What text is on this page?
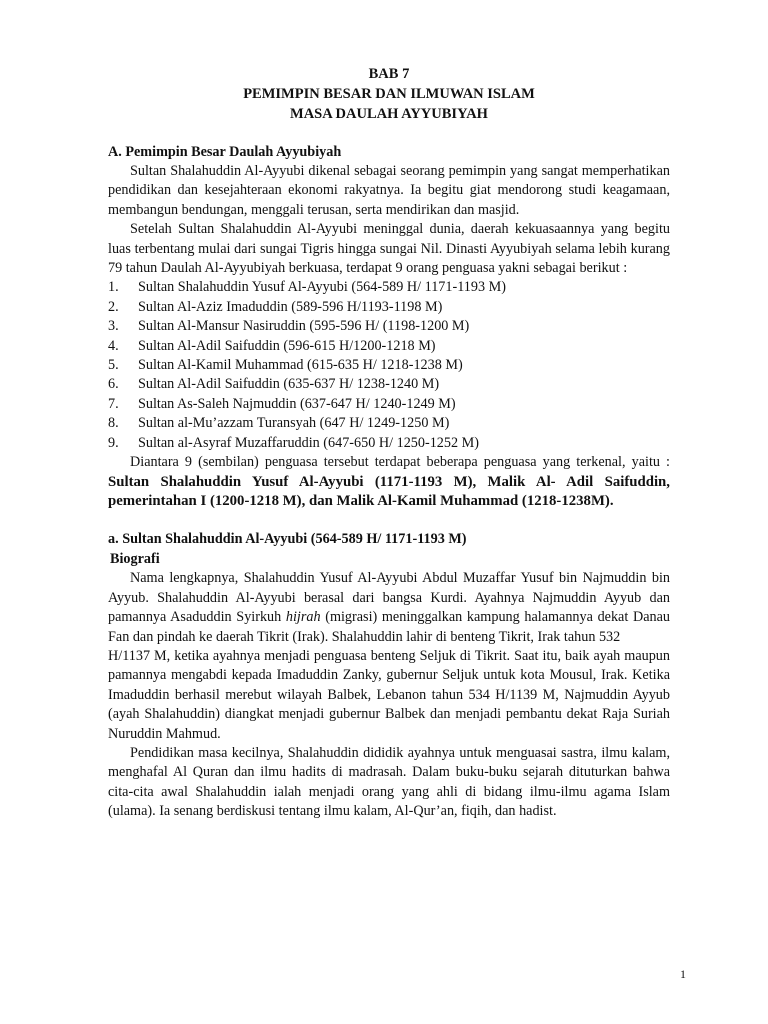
BAB 7
PEMIMPIN BESAR DAN ILMUWAN ISLAM
MASA DAULAH AYYUBIYAH
A. Pemimpin Besar Daulah Ayyubiyah

Sultan Shalahuddin Al-Ayyubi dikenal sebagai seorang pemimpin yang sangat memperhatikan pendidikan dan kesejahteraan ekonomi rakyatnya. Ia begitu giat mendorong studi keagamaan, membangun bendungan, menggali terusan, serta mendirikan dan masjid.

Setelah Sultan Shalahuddin Al-Ayyubi meninggal dunia, daerah kekuasaannya yang begitu luas terbentang mulai dari sungai Tigris hingga sungai Nil. Dinasti Ayyubiyah selama lebih kurang 79 tahun Daulah Al-Ayyubiyah berkuasa, terdapat 9 orang penguasa yakni sebagai berikut :

1.	Sultan Shalahuddin Yusuf Al-Ayyubi (564-589 H/ 1171-1193 M)
2.	Sultan Al-Aziz Imaduddin (589-596 H/1193-1198 M)
3.	Sultan Al-Mansur Nasiruddin (595-596 H/ (1198-1200 M)
4.	Sultan Al-Adil Saifuddin (596-615 H/1200-1218 M)
5.	Sultan Al-Kamil Muhammad (615-635 H/ 1218-1238 M)
6.	Sultan Al-Adil Saifuddin (635-637 H/ 1238-1240 M)
7.	Sultan As-Saleh Najmuddin (637-647 H/ 1240-1249 M)
8.	Sultan al-Mu’azzam Turansyah (647 H/ 1249-1250 M)
9.	Sultan al-Asyraf Muzaffaruddin (647-650 H/ 1250-1252 M)

Diantara 9 (sembilan) penguasa tersebut terdapat beberapa penguasa yang terkenal, yaitu : Sultan Shalahuddin Yusuf Al-Ayyubi (1171-1193 M), Malik Al- Adil Saifuddin, pemerintahan I (1200-1218 M), dan Malik Al-Kamil Muhammad (1218-1238M).

a. Sultan Shalahuddin Al-Ayyubi (564-589 H/ 1171-1193 M)
Biografi

Nama lengkapnya, Shalahuddin Yusuf Al-Ayyubi Abdul Muzaffar Yusuf bin Najmuddin bin Ayyub. Shalahuddin Al-Ayyubi berasal dari bangsa Kurdi. Ayahnya Najmuddin Ayyub dan pamannya Asaduddin Syirkuh hijrah (migrasi) meninggalkan kampung halamannya dekat Danau Fan dan pindah ke daerah Tikrit (Irak). Shalahuddin lahir di benteng Tikrit, Irak tahun 532

H/1137 M, ketika ayahnya menjadi penguasa benteng Seljuk di Tikrit. Saat itu, baik ayah maupun pamannya mengabdi kepada Imaduddin Zanky, gubernur Seljuk untuk kota Mousul, Irak. Ketika Imaduddin berhasil merebut wilayah Balbek, Lebanon tahun 534 H/1139 M, Najmuddin Ayyub (ayah Shalahuddin) diangkat menjadi gubernur Balbek dan menjadi pembantu dekat Raja Suriah Nuruddin Mahmud.

Pendidikan masa kecilnya, Shalahuddin dididik ayahnya untuk menguasai sastra, ilmu kalam, menghafal Al Quran dan ilmu hadits di madrasah. Dalam buku-buku sejarah dituturkan bahwa cita-cita awal Shalahuddin ialah menjadi orang yang ahli di bidang ilmu-ilmu agama Islam (ulama). Ia senang berdiskusi tentang ilmu kalam, Al-Qur’an, fiqih, dan hadist.

1
